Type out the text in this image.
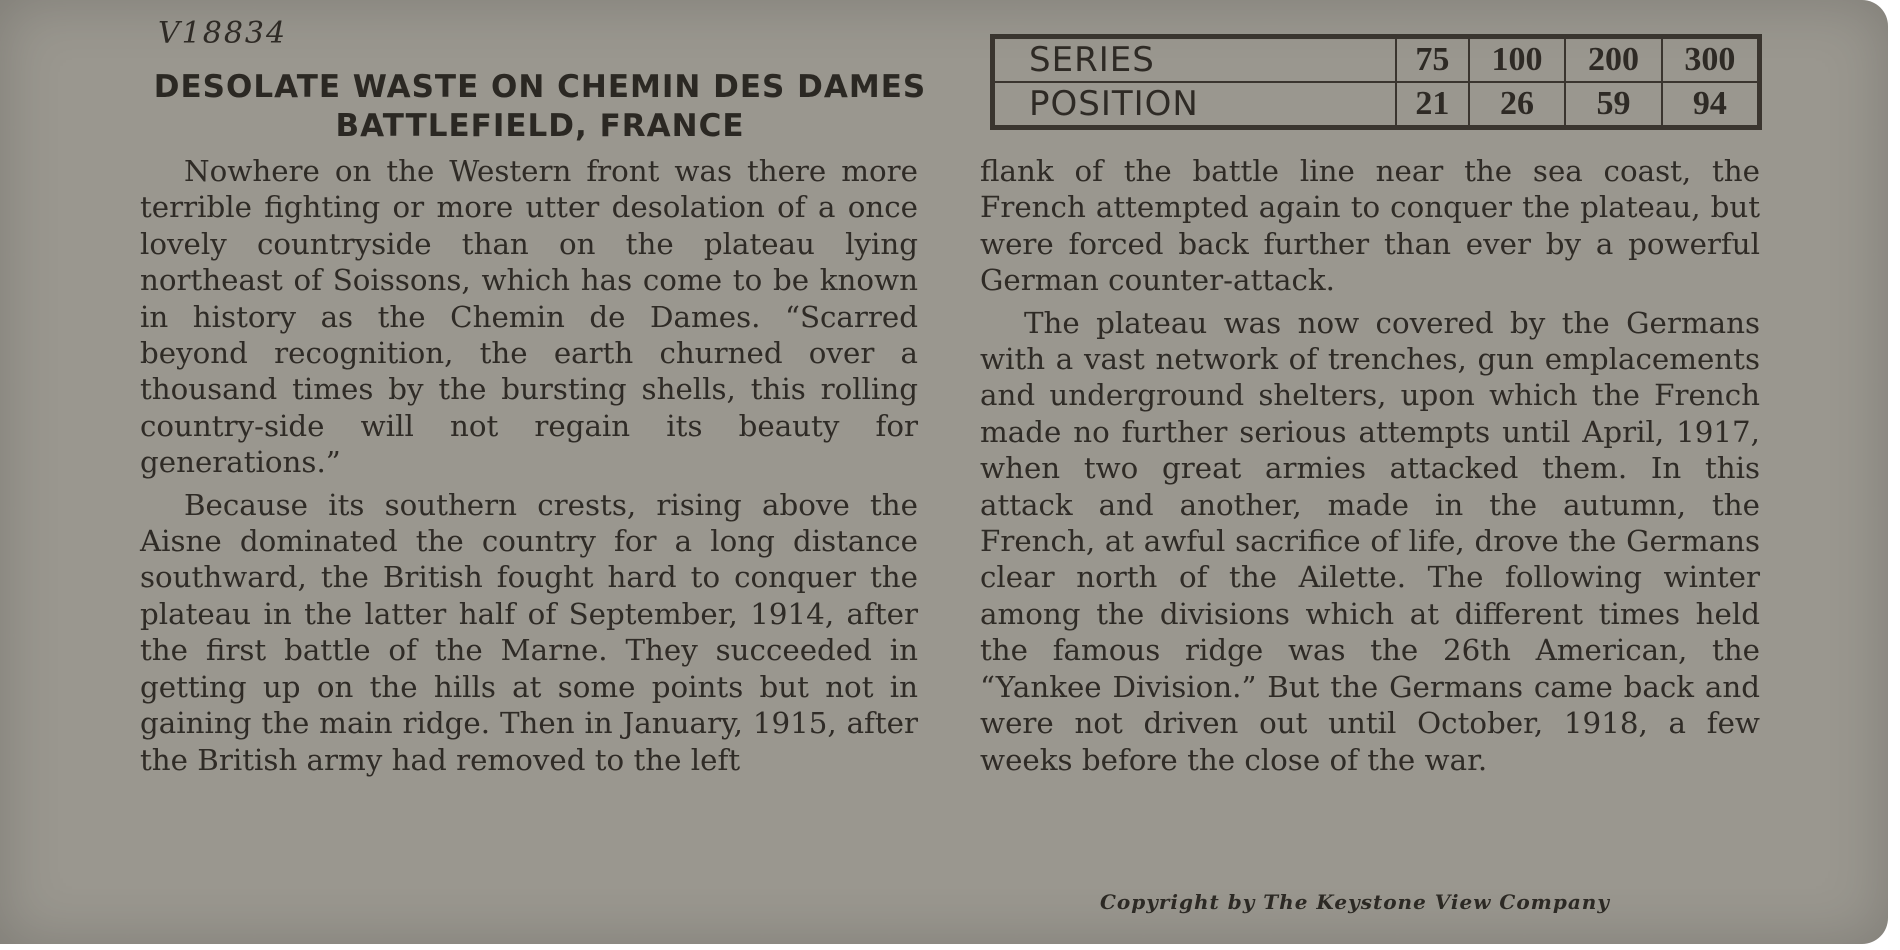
V18834
DESOLATE WASTE ON CHEMIN DES DAMES BATTLEFIELD, FRANCE
SERIES	75	100	200	300
POSITION	21	26	59	94

Nowhere on the Western front was there more terrible fighting or more utter desolation of a once lovely countryside than on the plateau lying northeast of Soissons, which has come to be known in history as the Chemin de Dames. “Scarred beyond recognition, the earth churned over a thousand times by the bursting shells, this rolling country-side will not regain its beauty for generations.”

Because its southern crests, rising above the Aisne dominated the country for a long distance southward, the British fought hard to conquer the plateau in the latter half of September, 1914, after the first battle of the Marne. They succeeded in getting up on the hills at some points but not in gaining the main ridge. Then in January, 1915, after the British army had removed to the left

flank of the battle line near the sea coast, the French attempted again to conquer the plateau, but were forced back further than ever by a powerful German counter-attack.

The plateau was now covered by the Germans with a vast network of trenches, gun emplacements and underground shelters, upon which the French made no further serious attempts until April, 1917, when two great armies attacked them. In this attack and another, made in the autumn, the French, at awful sacrifice of life, drove the Germans clear north of the Ailette. The following winter among the divisions which at different times held the famous ridge was the 26th American, the “Yankee Division.” But the Germans came back and were not driven out until October, 1918, a few weeks before the close of the war.

Copyright by The Keystone View Company
